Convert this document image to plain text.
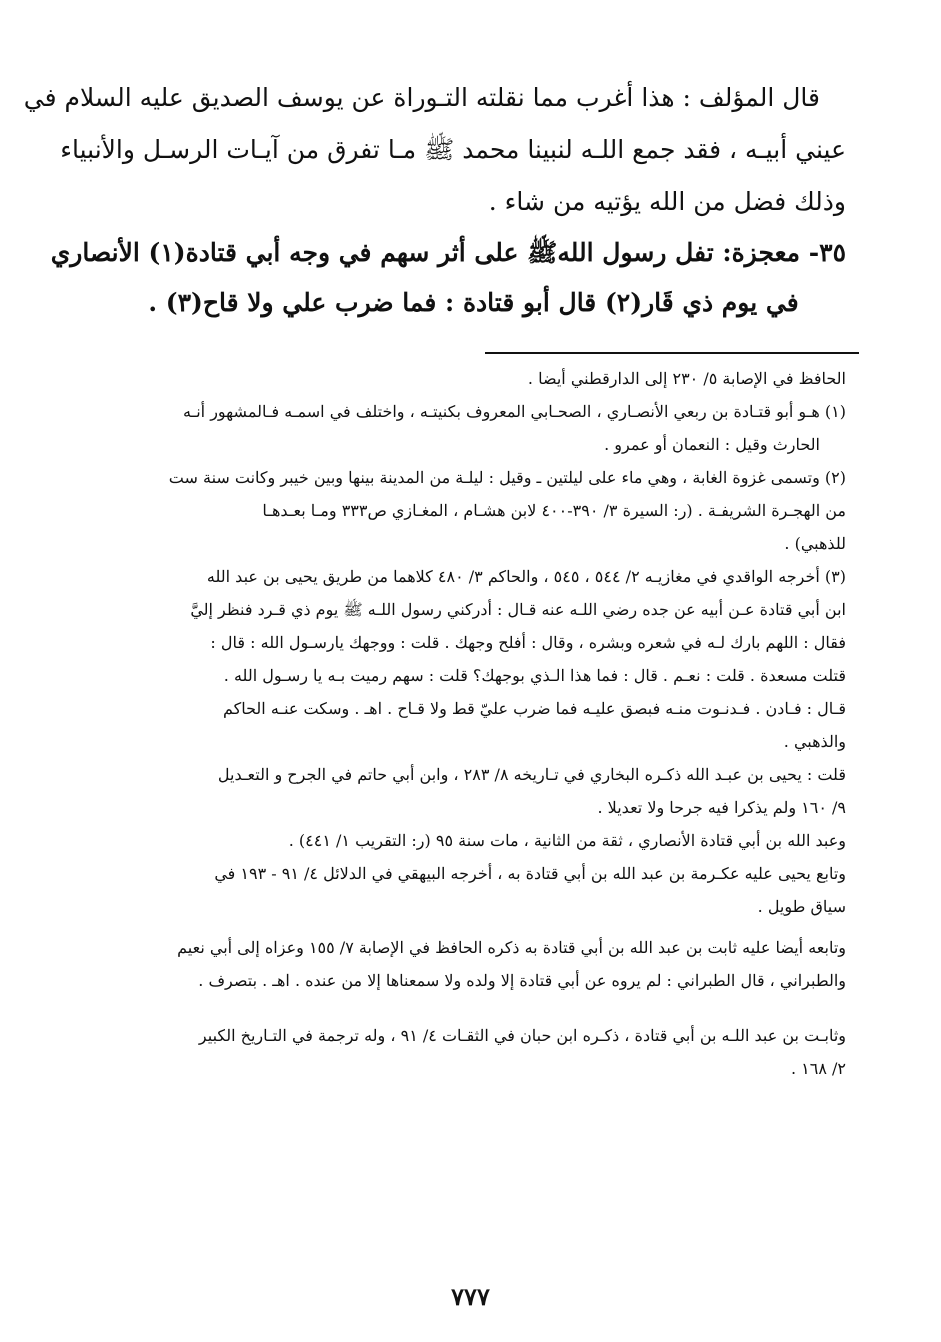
قال المؤلف : هذا أغرب مما نقلته التـوراة عن يوسف الصديق عليه السلام في
عيني أبيـه ، فقد جمع اللـه لنبينا محمد ﷺ مـا تفرق من آيـات الرسـل والأنبياء
وذلك فضل من الله يؤتيه من شاء .
٣٥- معجزة: تفل رسول اللهﷺ على أثر سهم في وجه أبي قتادة(١) الأنصاري
في يوم ذي قَار(٢) قال أبو قتادة : فما ضرب علي ولا قاح(٣) .
الحافظ في الإصابة ٥/ ٢٣٠ إلى الدارقطني أيضا .
(١) هـو أبو قتـادة بن ربعي الأنصـاري ، الصحـابي المعروف بكنيتـه ، واختلف في اسمـه فـالمشهور أنـه
الحارث وقيل : النعمان أو عمرو .
(٢) وتسمى غزوة الغابة ، وهي ماء على ليلتين ـ وقيل : ليلـة من المدينة بينها وبين خيبر وكانت سنة ست
من الهجـرة الشريفـة . (ر: السيرة ٣/ ٣٩٠-٤٠٠ لابن هشـام ، المغـازي ص٣٣٣ ومـا بعـدهـا
للذهبي) .
(٣) أخرجه الواقدي في مغازيـه ٢/ ٥٤٤ ، ٥٤٥ ، والحاكم ٣/ ٤٨٠ كلاهما من طريق يحيى بن عبد الله
ابن أبي قتادة عـن أبيه عن جده رضي اللـه عنه قـال : أدركني رسول اللـه ﷺ يوم ذي قـرد فنظر إليَّ
فقال : اللهم بارك لـه في شعره وبشره ، وقال : أفلح وجهك . قلت : ووجهك يارسـول الله : قال :
قتلت مسعدة . قلت : نعـم . قال : فما هذا الـذي بوجهك؟ قلت : سهم رميت بـه يا رسـول الله .
قـال : فـادن . فـدنـوت منـه فبصق عليـه فما ضرب عليّ قط ولا قـاح . اهـ . وسكت عنـه الحاكم
والذهبي .
قلت : يحيى بن عبـد الله ذكـره البخاري في تـاريخه ٨/ ٢٨٣ ، وابن أبي حاتم في الجرح و التعـديل
٩/ ١٦٠ ولم يذكرا فيه جرحا ولا تعديلا .
وعبد الله بن أبي قتادة الأنصاري ، ثقة من الثانية ، مات سنة ٩٥ (ر: التقريب ١/ ٤٤١) .
وتابع يحيى عليه عكـرمة بن عبد الله بن أبي قتادة به ، أخرجه البيهقي في الدلائل ٤/ ٩١ - ١٩٣ في
سياق طويل .
وتابعه أيضا عليه ثابت بن عبد الله بن أبي قتادة به ذكره الحافظ في الإصابة ٧/ ١٥٥ وعزاه إلى أبي نعيم
والطبراني ، قال الطبراني : لم يروه عن أبي قتادة إلا ولده ولا سمعناها إلا من عنده . اهـ . بتصرف .
وثابـت بن عبد اللـه بن أبي قتادة ، ذكـره ابن حبان في الثقـات ٤/ ٩١ ، وله ترجمة في التـاريخ الكبير
٢/ ١٦٨ .
٧٧٧
